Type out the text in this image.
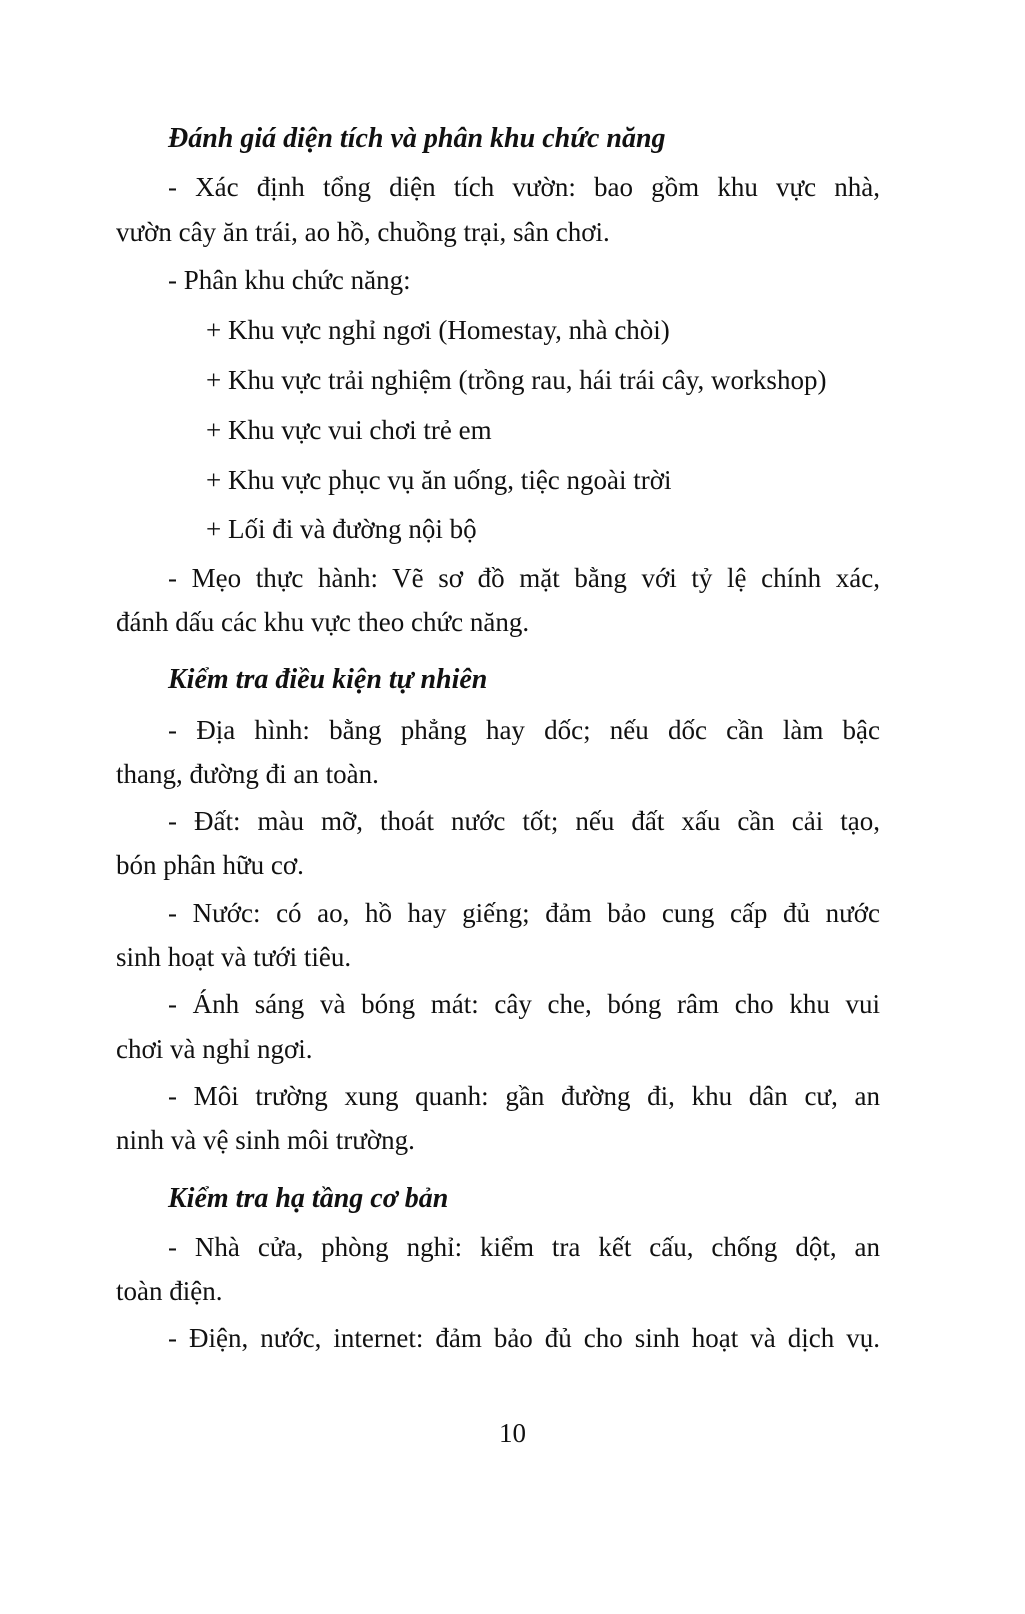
Đánh giá diện tích và phân khu chức năng
- Xác định tổng diện tích vườn: bao gồm khu vực nhà,
vườn cây ăn trái, ao hồ, chuồng trại, sân chơi.
- Phân khu chức năng:
+ Khu vực nghỉ ngơi (Homestay, nhà chòi)
+ Khu vực trải nghiệm (trồng rau, hái trái cây, workshop)
+ Khu vực vui chơi trẻ em
+ Khu vực phục vụ ăn uống, tiệc ngoài trời
+ Lối đi và đường nội bộ
- Mẹo thực hành: Vẽ sơ đồ mặt bằng với tỷ lệ chính xác,
đánh dấu các khu vực theo chức năng.
Kiểm tra điều kiện tự nhiên
- Địa hình: bằng phẳng hay dốc; nếu dốc cần làm bậc
thang, đường đi an toàn.
- Đất: màu mỡ, thoát nước tốt; nếu đất xấu cần cải tạo,
bón phân hữu cơ.
- Nước: có ao, hồ hay giếng; đảm bảo cung cấp đủ nước
sinh hoạt và tưới tiêu.
- Ánh sáng và bóng mát: cây che, bóng râm cho khu vui
chơi và nghỉ ngơi.
- Môi trường xung quanh: gần đường đi, khu dân cư, an
ninh và vệ sinh môi trường.
Kiểm tra hạ tầng cơ bản
- Nhà cửa, phòng nghỉ: kiểm tra kết cấu, chống dột, an
toàn điện.
- Điện, nước, internet: đảm bảo đủ cho sinh hoạt và dịch vụ.
10
